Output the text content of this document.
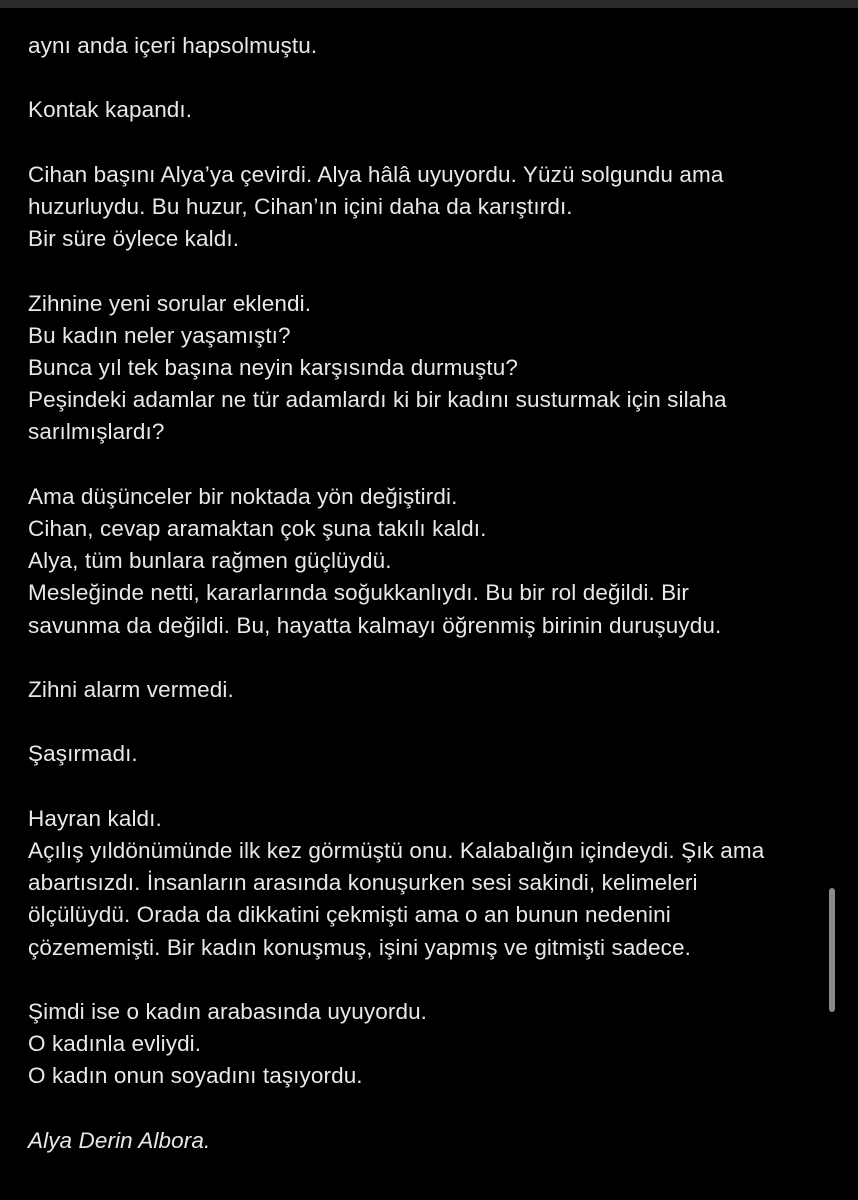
aynı anda içeri hapsolmuştu.
Kontak kapandı.
Cihan başını Alya’ya çevirdi. Alya hâlâ uyuyordu. Yüzü solgundu ama
huzurluydu. Bu huzur, Cihan’ın içini daha da karıştırdı.
Bir süre öylece kaldı.
Zihnine yeni sorular eklendi.
Bu kadın neler yaşamıştı?
Bunca yıl tek başına neyin karşısında durmuştu?
Peşindeki adamlar ne tür adamlardı ki bir kadını susturmak için silaha
sarılmışlardı?
Ama düşünceler bir noktada yön değiştirdi.
Cihan, cevap aramaktan çok şuna takılı kaldı.
Alya, tüm bunlara rağmen güçlüydü.
Mesleğinde netti, kararlarında soğukkanlıydı. Bu bir rol değildi. Bir
savunma da değildi. Bu, hayatta kalmayı öğrenmiş birinin duruşuydu.
Zihni alarm vermedi.
Şaşırmadı.
Hayran kaldı.
Açılış yıldönümünde ilk kez görmüştü onu. Kalabalığın içindeydi. Şık ama
abartısızdı. İnsanların arasında konuşurken sesi sakindi, kelimeleri
ölçülüydü. Orada da dikkatini çekmişti ama o an bunun nedenini
çözememişti. Bir kadın konuşmuş, işini yapmış ve gitmişti sadece.
Şimdi ise o kadın arabasında uyuyordu.
O kadınla evliydi.
O kadın onun soyadını taşıyordu.
Alya Derin Albora.
